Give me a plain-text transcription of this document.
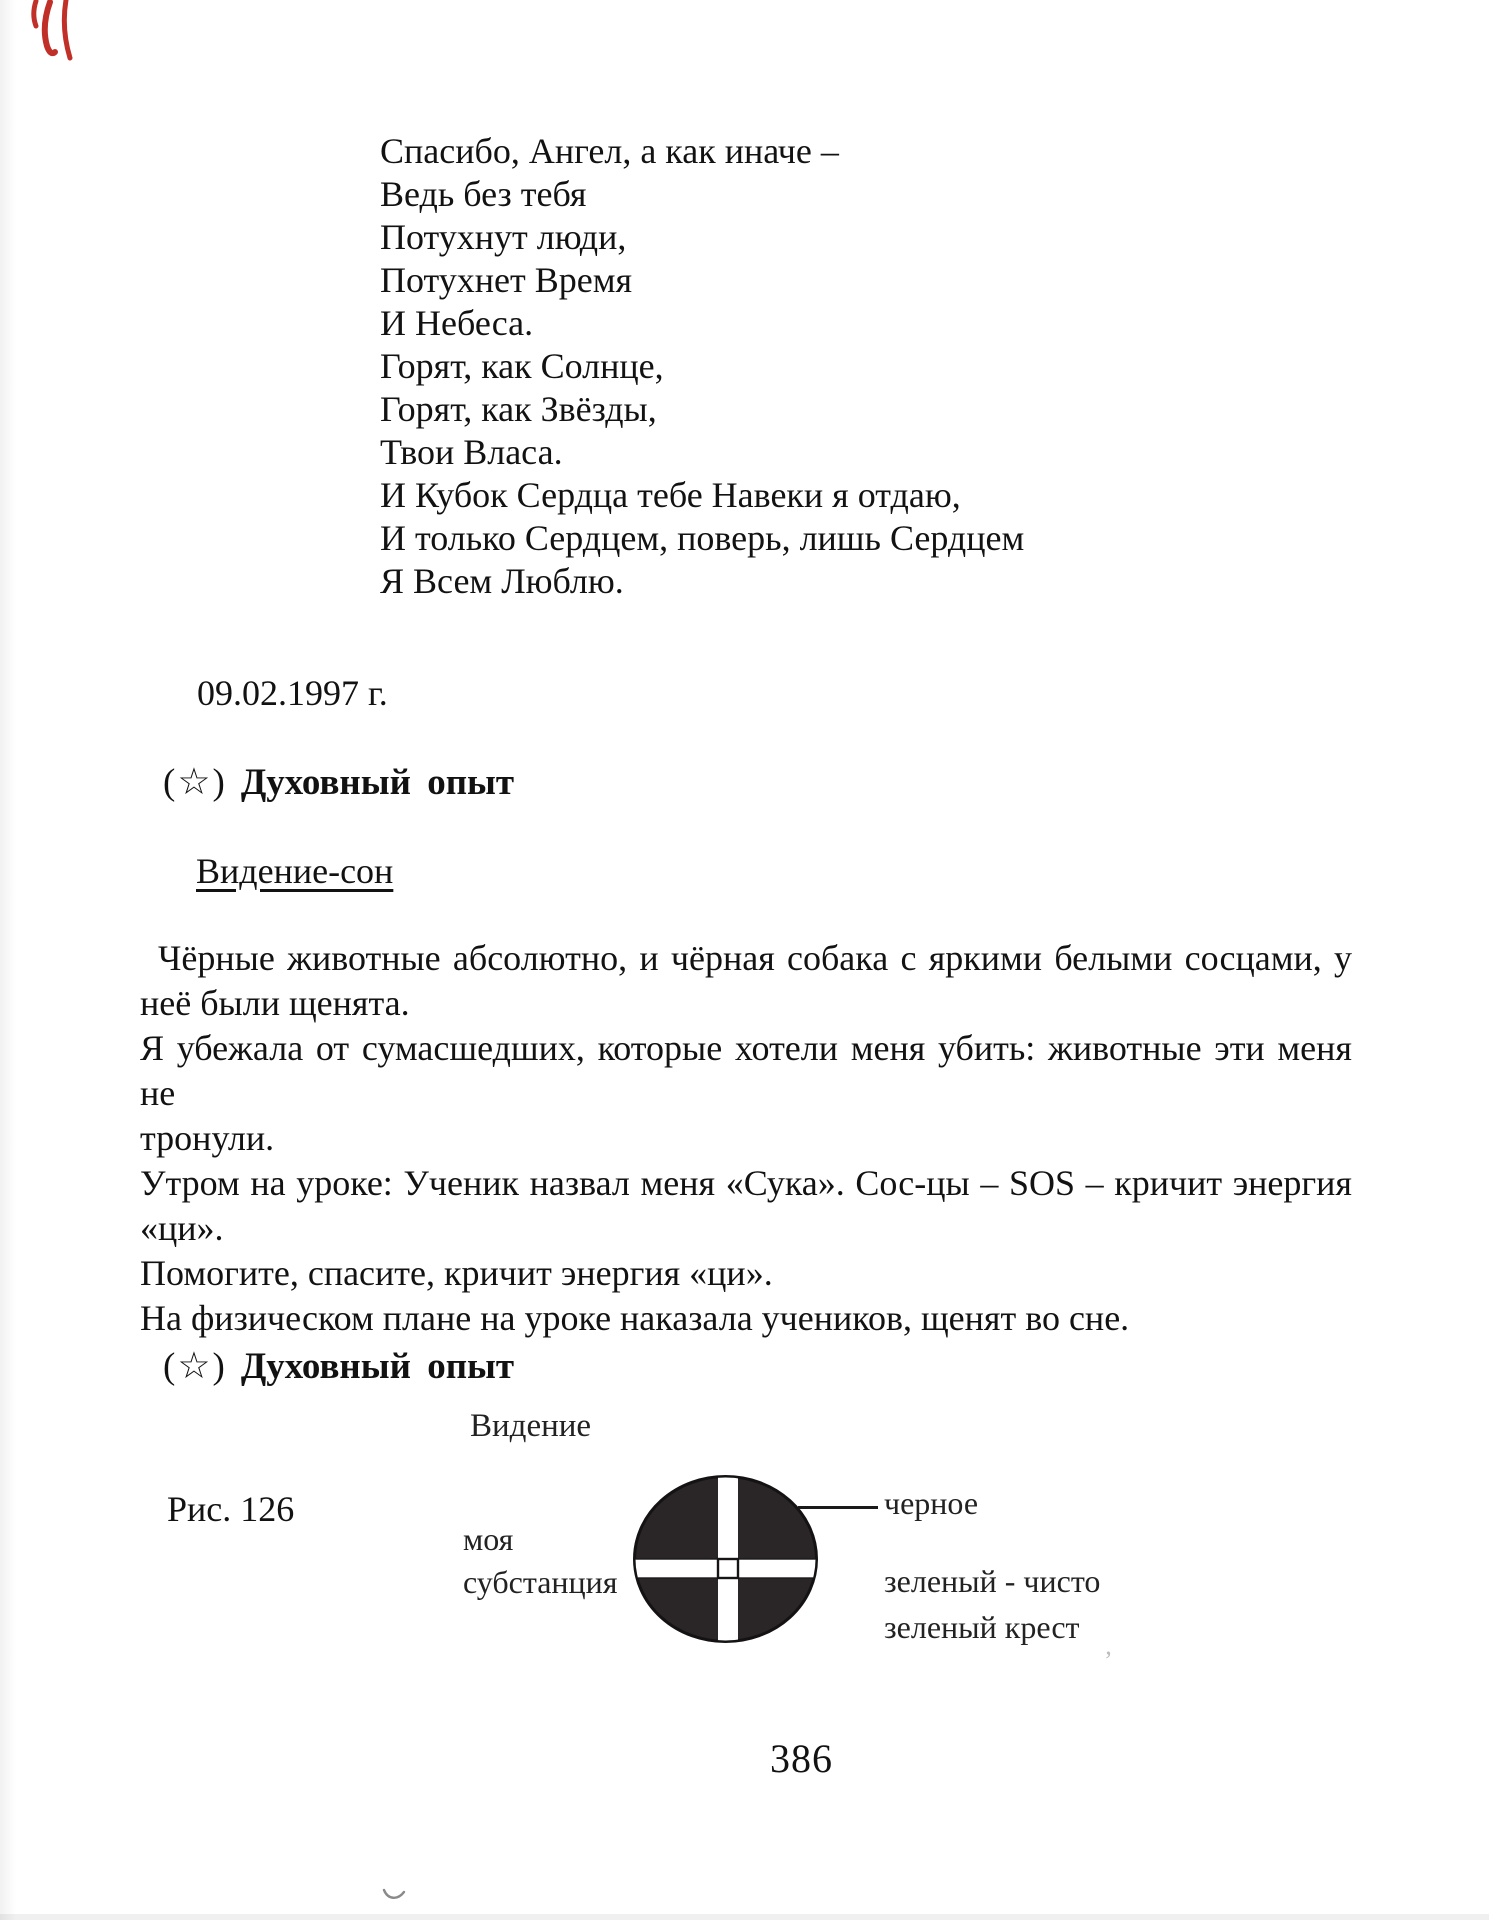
Спасибо, Ангел, а как иначе –
Ведь без тебя
Потухнут люди,
Потухнет Время
И Небеса.
Горят, как Солнце,
Горят, как Звёзды,
Твои Власа.
И Кубок Сердца тебе Навеки я отдаю,
И только Сердцем, поверь, лишь Сердцем
Я Всем Люблю.
09.02.1997 г.
(☆) Духовный опыт
Видение-сон
Чёрные животные абсолютно, и чёрная собака с яркими белыми сосцами, у
неё были щенята.
Я убежала от сумасшедших, которые хотели меня убить: животные эти меня не
тронули.
Утром на уроке: Ученик назвал меня «Сука». Сос-цы – SOS – кричит энергия
«ци».
Помогите, спасите, кричит энергия «ци».
На физическом плане на уроке наказала учеников, щенят во сне.
(☆) Духовный опыт
Видение
Рис. 126
моя
субстанция
черное
зеленый - чисто
зеленый крест
386
’
